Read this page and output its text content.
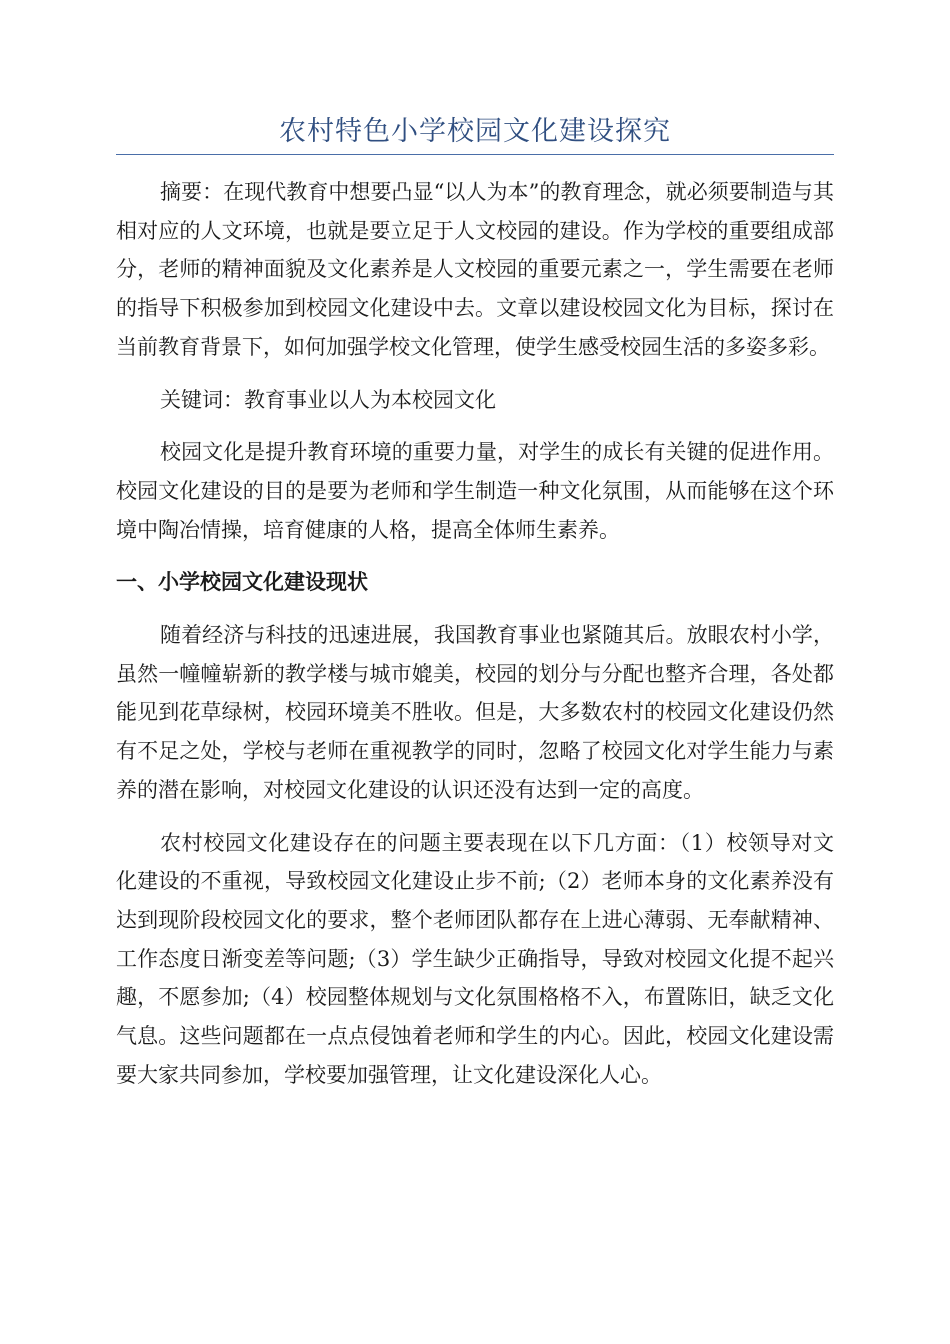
农村特色小学校园文化建设探究

摘要：在现代教育中想要凸显“以人为本”的教育理念，就必须要制造与其相对应的人文环境，也就是要立足于人文校园的建设。作为学校的重要组成部分，老师的精神面貌及文化素养是人文校园的重要元素之一，学生需要在老师的指导下积极参加到校园文化建设中去。文章以建设校园文化为目标，探讨在当前教育背景下，如何加强学校文化管理，使学生感受校园生活的多姿多彩。

关键词：教育事业以人为本校园文化

校园文化是提升教育环境的重要力量，对学生的成长有关键的促进作用。校园文化建设的目的是要为老师和学生制造一种文化氛围，从而能够在这个环境中陶冶情操，培育健康的人格，提高全体师生素养。

一、小学校园文化建设现状

随着经济与科技的迅速进展，我国教育事业也紧随其后。放眼农村小学，虽然一幢幢崭新的教学楼与城市媲美，校园的划分与分配也整齐合理，各处都能见到花草绿树，校园环境美不胜收。但是，大多数农村的校园文化建设仍然有不足之处，学校与老师在重视教学的同时，忽略了校园文化对学生能力与素养的潜在影响，对校园文化建设的认识还没有达到一定的高度。

农村校园文化建设存在的问题主要表现在以下几方面：（1）校领导对文化建设的不重视，导致校园文化建设止步不前;（2）老师本身的文化素养没有达到现阶段校园文化的要求，整个老师团队都存在上进心薄弱、无奉献精神、工作态度日渐变差等问题;（3）学生缺少正确指导，导致对校园文化提不起兴趣，不愿参加;（4）校园整体规划与文化氛围格格不入，布置陈旧，缺乏文化气息。这些问题都在一点点侵蚀着老师和学生的内心。因此，校园文化建设需要大家共同参加，学校要加强管理，让文化建设深化人心。
